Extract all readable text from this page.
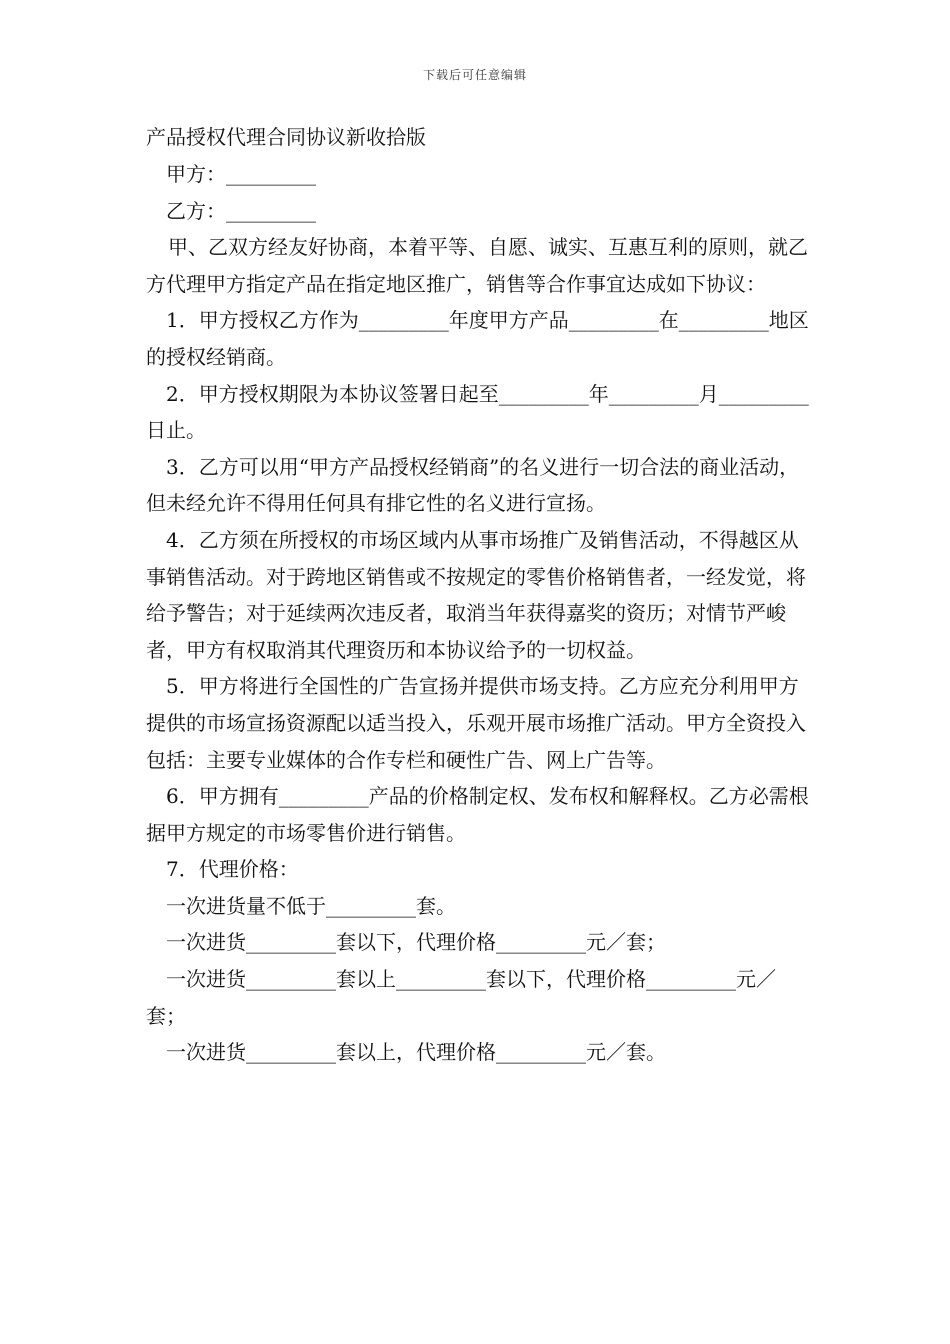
下载后可任意编辑
产品授权代理合同协议新收拾版

甲方：_________

乙方：_________

甲、乙双方经友好协商，本着平等、自愿、诚实、互惠互利的原则，就乙方代理甲方指定产品在指定地区推广，销售等合作事宜达成如下协议：

1．甲方授权乙方作为_________年度甲方产品_________在_________地区的授权经销商。

2．甲方授权期限为本协议签署日起至_________年_________月_________日止。

3．乙方可以用“甲方产品授权经销商”的名义进行一切合法的商业活动，但未经允许不得用任何具有排它性的名义进行宣扬。

4．乙方须在所授权的市场区域内从事市场推广及销售活动，不得越区从事销售活动。对于跨地区销售或不按规定的零售价格销售者，一经发觉，将给予警告；对于延续两次违反者，取消当年获得嘉奖的资历；对情节严峻者，甲方有权取消其代理资历和本协议给予的一切权益。

5．甲方将进行全国性的广告宣扬并提供市场支持。乙方应充分利用甲方提供的市场宣扬资源配以适当投入，乐观开展市场推广活动。甲方全资投入包括：主要专业媒体的合作专栏和硬性广告、网上广告等。

6．甲方拥有_________产品的价格制定权、发布权和解释权。乙方必需根据甲方规定的市场零售价进行销售。

7．代理价格：

一次进货量不低于_________套。

一次进货_________套以下，代理价格_________元／套；

一次进货_________套以上_________套以下，代理价格_________元／套；

一次进货_________套以上，代理价格_________元／套。
